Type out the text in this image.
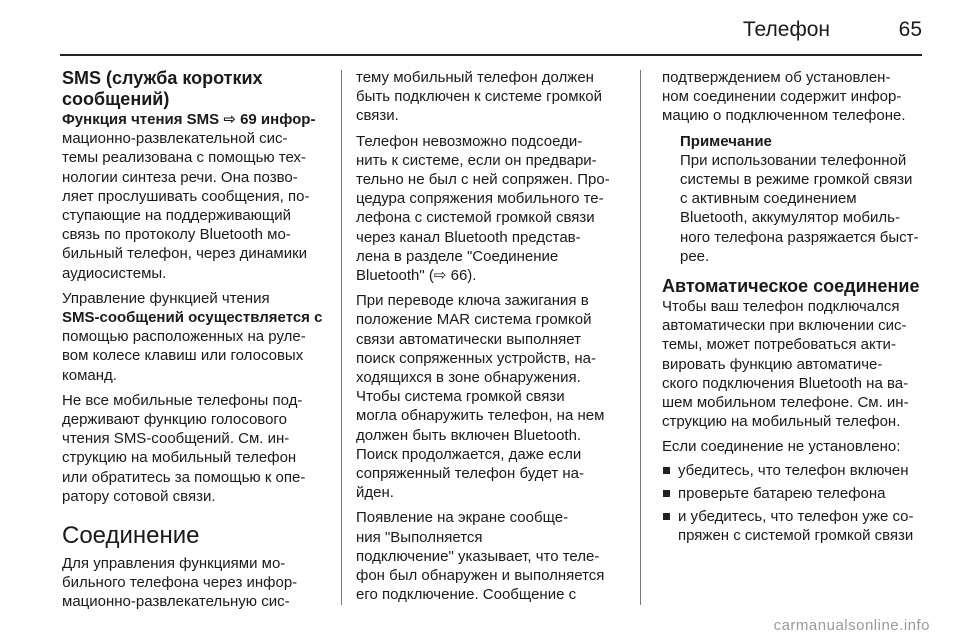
Телефон	65
SMS (служба коротких
сообщений)
Функция чтения SMS ⇨ 69 инфор-
мационно-развлекательной сис-
темы реализована с помощью тех-
нологии синтеза речи. Она позво-
ляет прослушивать сообщения, по-
ступающие на поддерживающий
связь по протоколу Bluetooth мо-
бильный телефон, через динамики
аудиосистемы.
Управление функцией чтения
SMS-сообщений осуществляется с
помощью расположенных на руле-
вом колесе клавиш или голосовых
команд.
Не все мобильные телефоны под-
держивают функцию голосового
чтения SMS-сообщений. См. ин-
струкцию на мобильный телефон
или обратитесь за помощью к опе-
ратору сотовой связи.
Соединение
Для управления функциями мо-
бильного телефона через инфор-
мационно-развлекательную сис-
тему мобильный телефон должен
быть подключен к системе громкой
связи.
Телефон невозможно подсоеди-
нить к системе, если он предвари-
тельно не был с ней сопряжен. Про-
цедура сопряжения мобильного те-
лефона с системой громкой связи
через канал Bluetooth представ-
лена в разделе "Соединение
Bluetooth" (⇨ 66).
При переводе ключа зажигания в
положение MAR система громкой
связи автоматически выполняет
поиск сопряженных устройств, на-
ходящихся в зоне обнаружения.
Чтобы система громкой связи
могла обнаружить телефон, на нем
должен быть включен Bluetooth.
Поиск продолжается, даже если
сопряженный телефон будет на-
йден.
Появление на экране сообще-
ния "Выполняется
подключение" указывает, что теле-
фон был обнаружен и выполняется
его подключение. Сообщение с
подтверждением об установлен-
ном соединении содержит инфор-
мацию о подключенном телефоне.
Примечание
При использовании телефонной
системы в режиме громкой связи
с активным соединением
Bluetooth, аккумулятор мобиль-
ного телефона разряжается быст-
рее.
Автоматическое соединение
Чтобы ваш телефон подключался
автоматически при включении сис-
темы, может потребоваться акти-
вировать функцию автоматиче-
ского подключения Bluetooth на ва-
шем мобильном телефоне. См. ин-
струкцию на мобильный телефон.
Если соединение не установлено:
убедитесь, что телефон включен
проверьте батарею телефона
и убедитесь, что телефон уже со-
пряжен с системой громкой связи
carmanualsonline.info
